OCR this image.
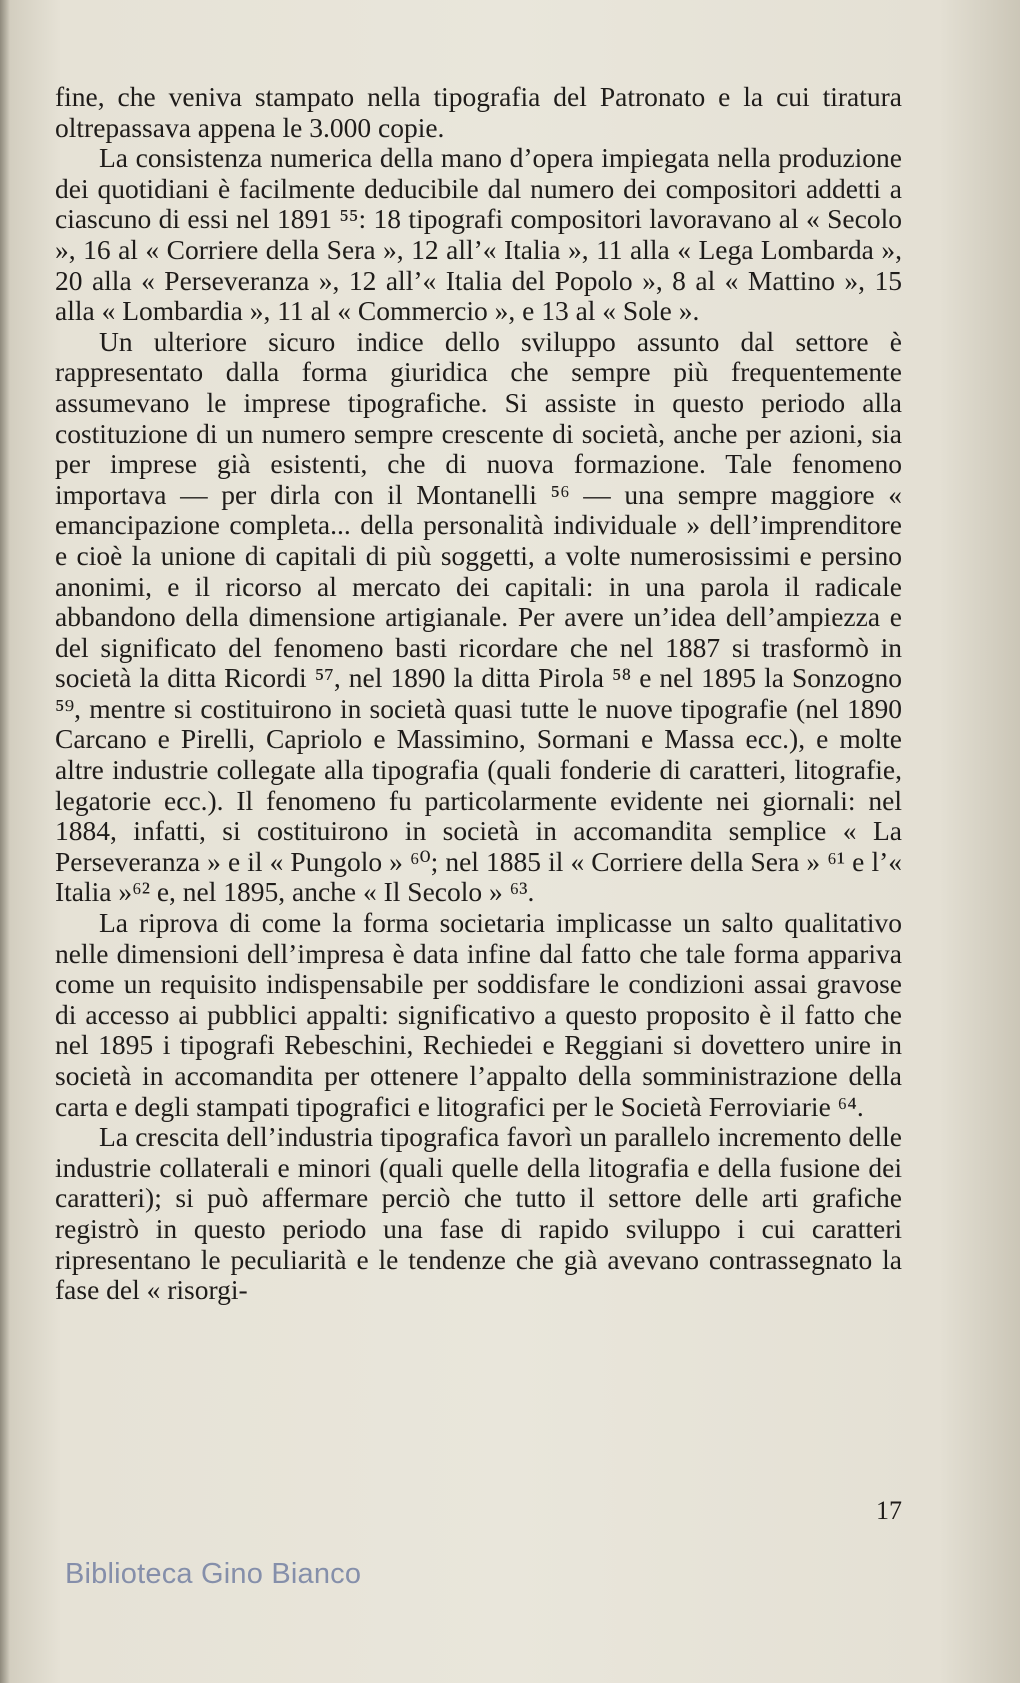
fine, che veniva stampato nella tipografia del Patronato e la cui tiratura oltrepassava appena le 3.000 copie.

La consistenza numerica della mano d’opera impiegata nella produzione dei quotidiani è facilmente deducibile dal numero dei compositori addetti a ciascuno di essi nel 1891 ⁵⁵: 18 tipografi compositori lavoravano al « Secolo », 16 al « Corriere della Sera », 12 all’« Italia », 11 alla « Lega Lombarda », 20 alla « Perseveranza », 12 all’« Italia del Popolo », 8 al « Mattino », 15 alla « Lombardia », 11 al « Commercio », e 13 al « Sole ».

Un ulteriore sicuro indice dello sviluppo assunto dal settore è rappresentato dalla forma giuridica che sempre più frequentemente assumevano le imprese tipografiche. Si assiste in questo periodo alla costituzione di un numero sempre crescente di società, anche per azioni, sia per imprese già esistenti, che di nuova formazione. Tale fenomeno importava — per dirla con il Montanelli ⁵⁶ — una sempre maggiore « emancipazione completa... della personalità individuale » dell’imprenditore e cioè la unione di capitali di più soggetti, a volte numerosissimi e persino anonimi, e il ricorso al mercato dei capitali: in una parola il radicale abbandono della dimensione artigianale. Per avere un’idea dell’ampiezza e del significato del fenomeno basti ricordare che nel 1887 si trasformò in società la ditta Ricordi ⁵⁷, nel 1890 la ditta Pirola ⁵⁸ e nel 1895 la Sonzogno ⁵⁹, mentre si costituirono in società quasi tutte le nuove tipografie (nel 1890 Carcano e Pirelli, Capriolo e Massimino, Sormani e Massa ecc.), e molte altre industrie collegate alla tipografia (quali fonderie di caratteri, litografie, legatorie ecc.). Il fenomeno fu particolarmente evidente nei giornali: nel 1884, infatti, si costituirono in società in accomandita semplice « La Perseveranza » e il « Pungolo » ⁶⁰; nel 1885 il « Corriere della Sera » ⁶¹ e l’« Italia »⁶² e, nel 1895, anche « Il Secolo » ⁶³.

La riprova di come la forma societaria implicasse un salto qualitativo nelle dimensioni dell’impresa è data infine dal fatto che tale forma appariva come un requisito indispensabile per soddisfare le condizioni assai gravose di accesso ai pubblici appalti: significativo a questo proposito è il fatto che nel 1895 i tipografi Rebeschini, Rechiedei e Reggiani si dovettero unire in società in accomandita per ottenere l’appalto della somministrazione della carta e degli stampati tipografici e litografici per le Società Ferroviarie ⁶⁴.

La crescita dell’industria tipografica favorì un parallelo incremento delle industrie collaterali e minori (quali quelle della litografia e della fusione dei caratteri); si può affermare perciò che tutto il settore delle arti grafiche registrò in questo periodo una fase di rapido sviluppo i cui caratteri ripresentano le peculiarità e le tendenze che già avevano contrassegnato la fase del « risorgi-

17
Biblioteca Gino Bianco
